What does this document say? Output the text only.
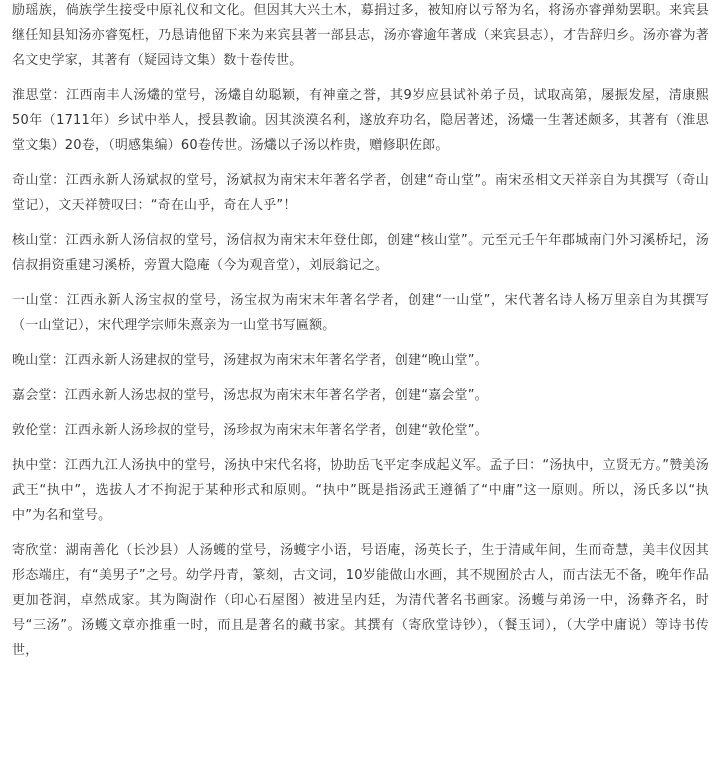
励瑶族，倘族学生接受中原礼仪和文化。但因其大兴土木，募捐过多，被知府以亏帑为名，将汤亦睿弹劾罢职。来宾县继任知县知汤亦睿冤枉，乃恳请他留下来为来宾县著一部县志，汤亦睿逾年著成（来宾县志），才告辞归乡。汤亦睿为著名文史学家，其著有（疑园诗文集）数十卷传世。

淮思堂：江西南丰人汤爜的堂号，汤爜自幼聪颖，有神童之誉，其9岁应县试补弟子员，试取高第，屡振发屋，清康熙50年（1711年）乡试中举人，授县教谕。因其淡漠名利，遂放弃功名，隐居著述，汤爜一生著述颇多，其著有（淮思堂文集）20卷，（明感集编）60卷传世。汤爜以子汤以柞贵，赠修职佐郎。

奇山堂：江西永新人汤斌叔的堂号，汤斌叔为南宋末年著名学者，创建“奇山堂”。南宋丞相文天祥亲自为其撰写（奇山堂记），文天祥赞叹曰：“奇在山乎，奇在人乎”！

核山堂：江西永新人汤信叔的堂号，汤信叔为南宋末年登仕郎，创建“核山堂”。元至元壬午年郡城南门外习溪桥圮，汤信叔捐资重建习溪桥，旁置大隐庵（今为观音堂），刘辰翁记之。

一山堂：江西永新人汤宝叔的堂号，汤宝叔为南宋末年著名学者，创建“一山堂”，宋代著名诗人杨万里亲自为其撰写（一山堂记），宋代理学宗师朱熹亲为一山堂书写匾额。

晚山堂：江西永新人汤建叔的堂号，汤建叔为南宋末年著名学者，创建“晚山堂”。

嘉会堂：江西永新人汤忠叔的堂号，汤忠叔为南宋末年著名学者，创建“嘉会堂”。

敦伦堂：江西永新人汤珍叔的堂号，汤珍叔为南宋末年著名学者，创建“敦伦堂”。

执中堂：江西九江人汤执中的堂号，汤执中宋代名将，协助岳飞平定李成起义军。孟子曰：“汤执中，立贤无方。”赞美汤武王“执中”，选拔人才不拘泥于某种形式和原则。“执中”既是指汤武王遵循了“中庸”这一原则。所以，汤氏多以“执中”为名和堂号。

寄欣堂：湖南善化（长沙县）人汤蠖的堂号，汤蠖字小语，号语庵，汤英长子，生于清咸年间，生而奇慧，美丰仪因其形态端庄，有“美男子”之号。幼学丹青，篆刻，古文词，10岁能做山水画，其不规囿於古人，而古法无不备，晚年作品更加苍润，卓然成家。其为陶澍作（印心石屋图）被进呈内廷，为清代著名书画家。汤蠖与弟汤一中，汤彝齐名，时号“三汤”。汤蠖文章亦推重一时，而且是著名的藏书家。其撰有（寄欣堂诗钞），（餐玉词），（大学中庸说）等诗书传世，
